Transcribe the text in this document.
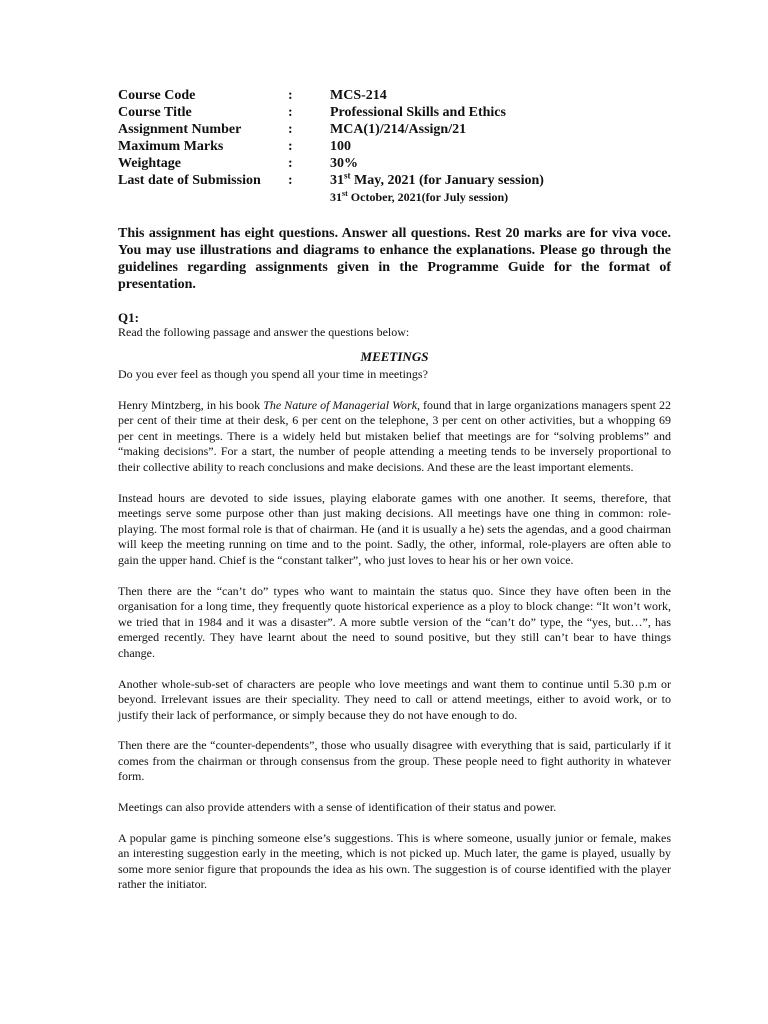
Course Code	:	MCS-214
Course Title	:	Professional Skills and Ethics
Assignment Number	:	MCA(1)/214/Assign/21
Maximum Marks	:	100
Weightage	:	30%
Last date of Submission	:	31st May, 2021 (for January session)
31st October, 2021(for July session)
This assignment has eight questions. Answer all questions. Rest 20 marks are for viva voce. You may use illustrations and diagrams to enhance the explanations. Please go through the guidelines regarding assignments given in the Programme Guide for the format of presentation.
Q1:
Read the following passage and answer the questions below:
MEETINGS

Do you ever feel as though you spend all your time in meetings?

Henry Mintzberg, in his book The Nature of Managerial Work, found that in large organizations managers spent 22 per cent of their time at their desk, 6 per cent on the telephone, 3 per cent on other activities, but a whopping 69 per cent in meetings. There is a widely held but mistaken belief that meetings are for “solving problems” and “making decisions”. For a start, the number of people attending a meeting tends to be inversely proportional to their collective ability to reach conclusions and make decisions. And these are the least important elements.

Instead hours are devoted to side issues, playing elaborate games with one another. It seems, therefore, that meetings serve some purpose other than just making decisions. All meetings have one thing in common: role-playing. The most formal role is that of chairman. He (and it is usually a he) sets the agendas, and a good chairman will keep the meeting running on time and to the point. Sadly, the other, informal, role-players are often able to gain the upper hand. Chief is the “constant talker”, who just loves to hear his or her own voice.

Then there are the “can’t do” types who want to maintain the status quo. Since they have often been in the organisation for a long time, they frequently quote historical experience as a ploy to block change: “It won’t work, we tried that in 1984 and it was a disaster”. A more subtle version of the “can’t do” type, the “yes, but…”, has emerged recently. They have learnt about the need to sound positive, but they still can’t bear to have things change.

Another whole-sub-set of characters are people who love meetings and want them to continue until 5.30 p.m or beyond. Irrelevant issues are their speciality. They need to call or attend meetings, either to avoid work, or to justify their lack of performance, or simply because they do not have enough to do.

Then there are the “counter-dependents”, those who usually disagree with everything that is said, particularly if it comes from the chairman or through consensus from the group. These people need to fight authority in whatever form.

Meetings can also provide attenders with a sense of identification of their status and power.

A popular game is pinching someone else’s suggestions. This is where someone, usually junior or female, makes an interesting suggestion early in the meeting, which is not picked up. Much later, the game is played, usually by some more senior figure that propounds the idea as his own. The suggestion is of course identified with the player rather the initiator.
